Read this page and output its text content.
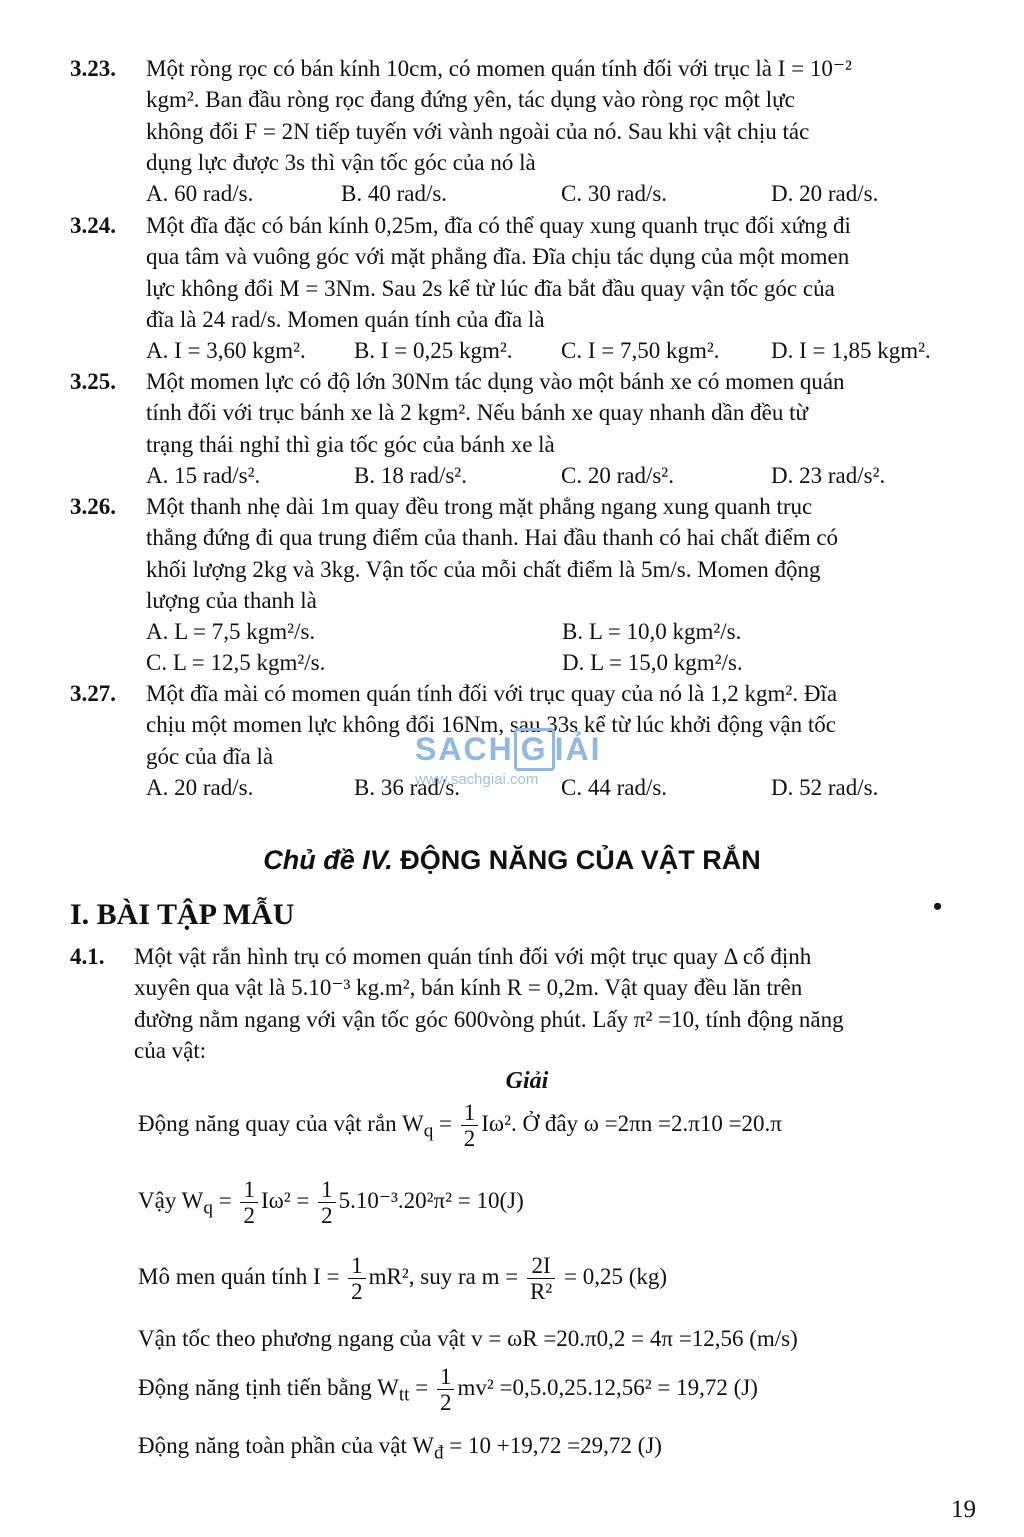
3.23. Một ròng rọc có bán kính 10cm, có momen quán tính đối với trục là I = 10⁻²
kgm². Ban đầu ròng rọc đang đứng yên, tác dụng vào ròng rọc một lực
không đổi F = 2N tiếp tuyến với vành ngoài của nó. Sau khi vật chịu tác
dụng lực được 3s thì vận tốc góc của nó là
A. 60 rad/s.	B. 40 rad/s.	C. 30 rad/s.	D. 20 rad/s.
3.24. Một đĩa đặc có bán kính 0,25m, đĩa có thể quay xung quanh trục đối xứng đi
qua tâm và vuông góc với mặt phẳng đĩa. Đĩa chịu tác dụng của một momen
lực không đổi M = 3Nm. Sau 2s kể từ lúc đĩa bắt đầu quay vận tốc góc của
đĩa là 24 rad/s. Momen quán tính của đĩa là
A. I = 3,60 kgm². B. I = 0,25 kgm². C. I = 7,50 kgm². D. I = 1,85 kgm².
3.25. Một momen lực có độ lớn 30Nm tác dụng vào một bánh xe có momen quán
tính đối với trục bánh xe là 2 kgm². Nếu bánh xe quay nhanh dần đều từ
trạng thái nghỉ thì gia tốc góc của bánh xe là
A. 15 rad/s².	B. 18 rad/s².	C. 20 rad/s².	D. 23 rad/s².
3.26. Một thanh nhẹ dài 1m quay đều trong mặt phẳng ngang xung quanh trục
thẳng đứng đi qua trung điểm của thanh. Hai đầu thanh có hai chất điểm có
khối lượng 2kg và 3kg. Vận tốc của mỗi chất điểm là 5m/s. Momen động
lượng của thanh là
A. L = 7,5 kgm²/s.	B. L = 10,0 kgm²/s.
C. L = 12,5 kgm²/s.	D. L = 15,0 kgm²/s.
3.27. Một đĩa mài có momen quán tính đối với trục quay của nó là 1,2 kgm². Đĩa
chịu một momen lực không đổi 16Nm, sau 33s kể từ lúc khởi động vận tốc
góc của đĩa là
A. 20 rad/s.	B. 36 rad/s.	C. 44 rad/s.	D. 52 rad/s.
SACH G IẢI
www.sachgiai.com
Chủ đề IV. ĐỘNG NĂNG CỦA VẬT RẮN
I. BÀI TẬP MẪU	•
4.1. Một vật rắn hình trụ có momen quán tính đối với một trục quay Δ cố định
xuyên qua vật là 5.10⁻³ kg.m², bán kính R = 0,2m. Vật quay đều lăn trên
đường nằm ngang với vận tốc góc 600vòng phút. Lấy π² =10, tính động năng
của vật:
Giải
Động năng quay của vật rắn $W_q = \frac{1}{2} I\omega^2$. Ở đây ω =2πn =2.π10 =20.π
Vậy $W_q = \frac{1}{2} I\omega^2 = \frac{1}{2} 5.10^{-3}.20^2\pi^2 = 10(J)$
Mô men quán tính $I = \frac{1}{2} mR^2$, suy ra $m = \frac{2I}{\text{R²}} = 0,25$ (kg)
Vận tốc theo phương ngang của vật v = ωR =20.π0,2 = 4π =12,56 (m/s)
Động năng tịnh tiến bằng $W_{tt} = \frac{1}{2} mv^2 =0,5.0,25.12,56^2 = 19,72$ (J)
Động năng toàn phần của vật $W_đ = 10 +19,72 =29,72$ (J)
19
